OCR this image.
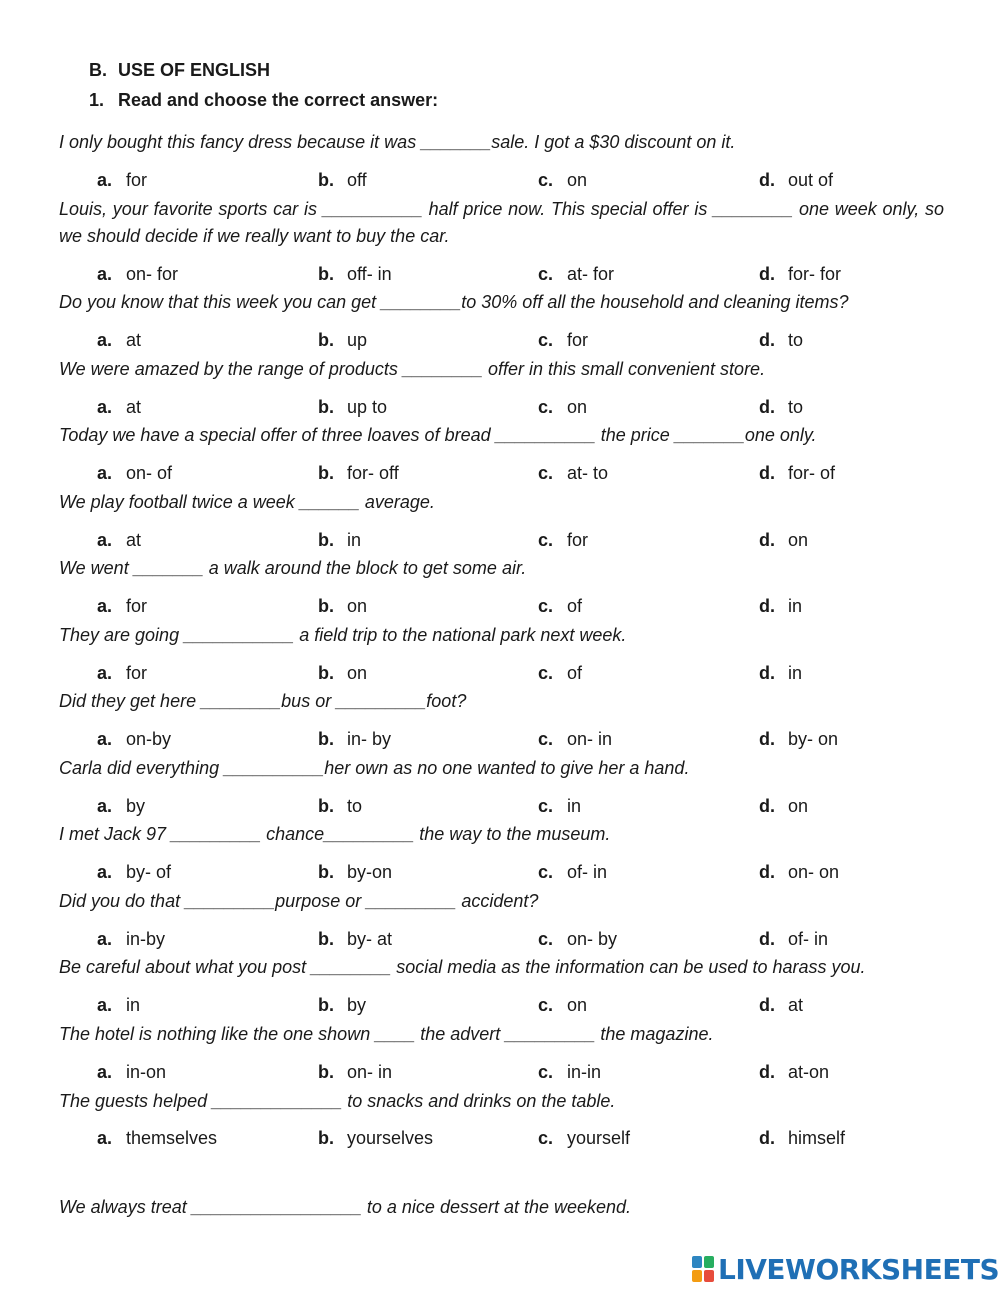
B. USE OF ENGLISH
1. Read and choose the correct answer:
I only bought this fancy dress because it was _______sale. I got a $30 discount on it.
a. for	b. off	c. on	d. out of
Louis, your favorite sports car is __________ half price now. This special offer is ________ one week only, so we should decide if we really want to buy the car.
a. on- for	b. off- in	c. at- for	d. for- for
Do you know that this week you can get ________to 30% off all the household and cleaning items?
a. at	b. up	c. for	d. to
We were amazed by the range of products ________ offer in this small convenient store.
a. at	b. up to	c. on	d. to
Today we have a special offer of three loaves of bread __________ the price _______one only.
a. on- of	b. for- off	c. at- to	d. for- of
We play football twice a week ______ average.
a. at	b. in	c. for	d. on
We went _______ a walk around the block to get some air.
a. for	b. on	c. of	d. in
They are going ___________ a field trip to the national park next week.
a. for	b. on	c. of	d. in
Did they get here ________bus or _________foot?
a. on-by	b. in- by	c. on- in	d. by- on
Carla did everything __________her own as no one wanted to give her a hand.
a. by	b. to	c. in	d. on
I met Jack 97 _________ chance_________ the way to the museum.
a. by- of	b. by-on	c. of- in	d. on- on
Did you do that _________purpose or _________ accident?
a. in-by	b. by- at	c. on- by	d. of- in
Be careful about what you post ________ social media as the information can be used to harass you.
a. in	b. by	c. on	d. at
The hotel is nothing like the one shown ____ the advert _________ the magazine.
a. in-on	b. on- in	c. in-in	d. at-on
The guests helped _____________ to snacks and drinks on the table.
a. themselves	b. yourselves	c. yourself	d. himself
We always treat _________________ to a nice dessert at the weekend.
LIVEWORKSHEETS
